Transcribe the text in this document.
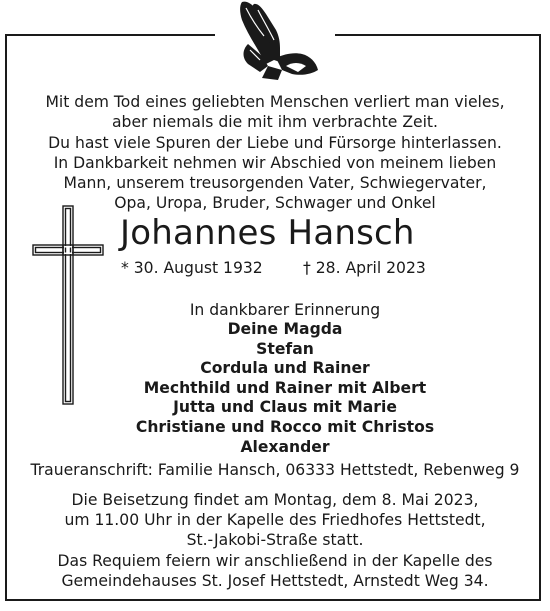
Mit dem Tod eines geliebten Menschen verliert man vieles,
aber niemals die mit ihm verbrachte Zeit.
Du hast viele Spuren der Liebe und Fürsorge hinterlassen.
In Dankbarkeit nehmen wir Abschied von meinem lieben
Mann, unserem treusorgenden Vater, Schwiegervater,
Opa, Uropa, Bruder, Schwager und Onkel
Johannes Hansch
* 30. August 1932	† 28. April 2023
In dankbarer Erinnerung
Deine Magda
Stefan
Cordula und Rainer
Mechthild und Rainer mit Albert
Jutta und Claus mit Marie
Christiane und Rocco mit Christos
Alexander
Traueranschrift: Familie Hansch, 06333 Hettstedt, Rebenweg 9
Die Beisetzung findet am Montag, dem 8. Mai 2023,
um 11.00 Uhr in der Kapelle des Friedhofes Hettstedt,
St.-Jakobi-Straße statt.
Das Requiem feiern wir anschließend in der Kapelle des
Gemeindehauses St. Josef Hettstedt, Arnstedt Weg 34.
